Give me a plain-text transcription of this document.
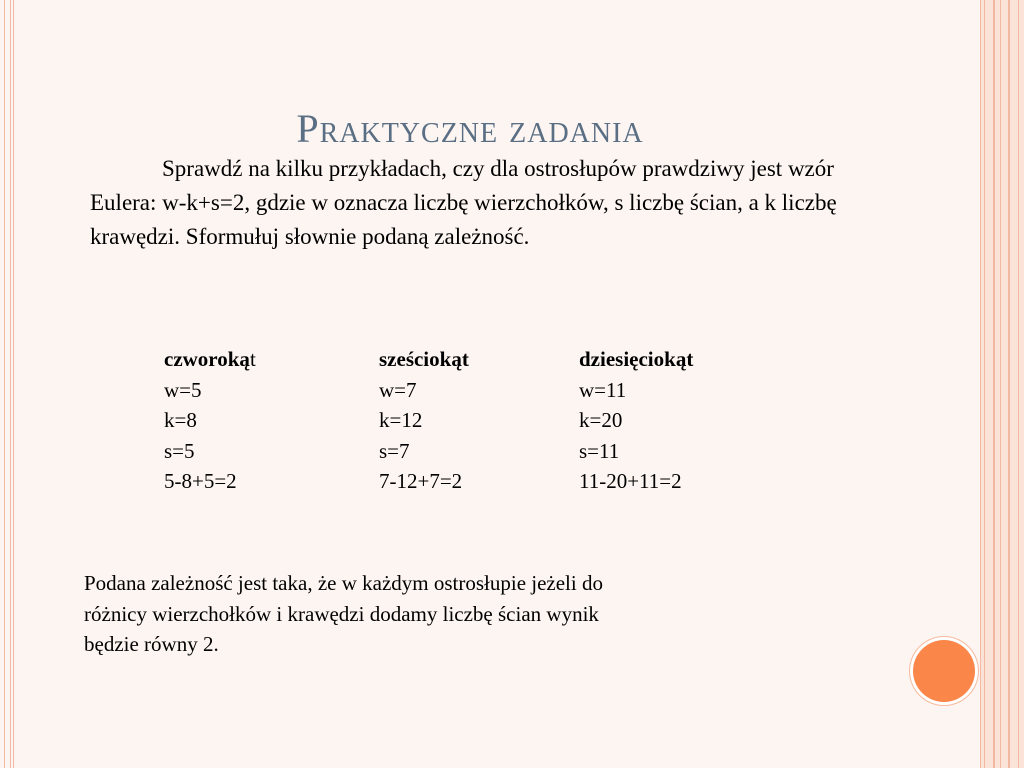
Praktyczne zadania
Sprawdź na kilku przykładach, czy dla ostrosłupów prawdziwy jest wzór Eulera: w-k+s=2, gdzie w oznacza liczbę wierzchołków, s liczbę ścian, a k liczbę krawędzi. Sformułuj słownie podaną zależność.
czworokąt
w=5
k=8
s=5
5-8+5=2
sześciokąt
w=7
k=12
s=7
7-12+7=2
dziesięciokąt
w=11
k=20
s=11
11-20+11=2
Podana zależność jest taka, że w każdym ostrosłupie jeżeli do różnicy wierzchołków i krawędzi dodamy liczbę ścian wynik będzie równy 2.
